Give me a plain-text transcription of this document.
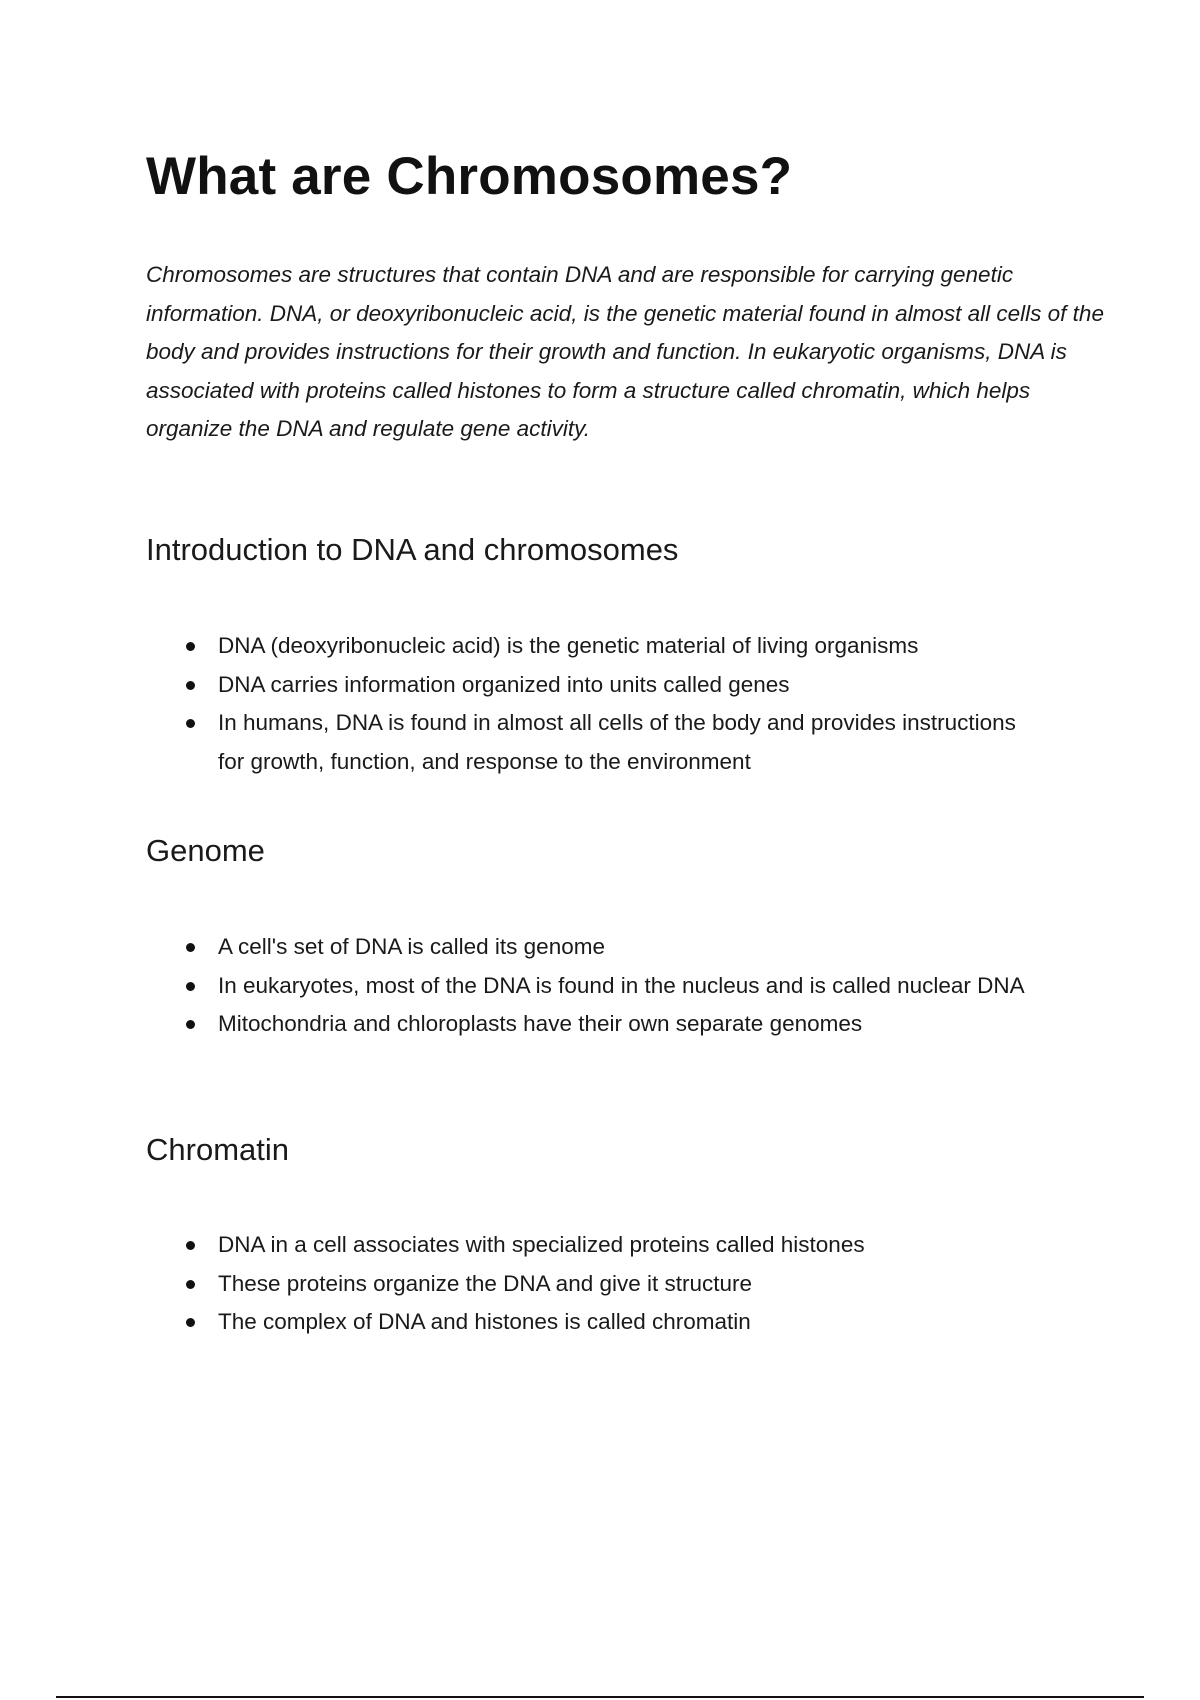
What are Chromosomes?

Chromosomes are structures that contain DNA and are responsible for carrying genetic information. DNA, or deoxyribonucleic acid, is the genetic material found in almost all cells of the body and provides instructions for their growth and function. In eukaryotic organisms, DNA is associated with proteins called histones to form a structure called chromatin, which helps organize the DNA and regulate gene activity.

Introduction to DNA and chromosomes
DNA (deoxyribonucleic acid) is the genetic material of living organisms
DNA carries information organized into units called genes
In humans, DNA is found in almost all cells of the body and provides instructions for growth, function, and response to the environment
Genome
A cell's set of DNA is called its genome
In eukaryotes, most of the DNA is found in the nucleus and is called nuclear DNA
Mitochondria and chloroplasts have their own separate genomes
Chromatin
DNA in a cell associates with specialized proteins called histones
These proteins organize the DNA and give it structure
The complex of DNA and histones is called chromatin
